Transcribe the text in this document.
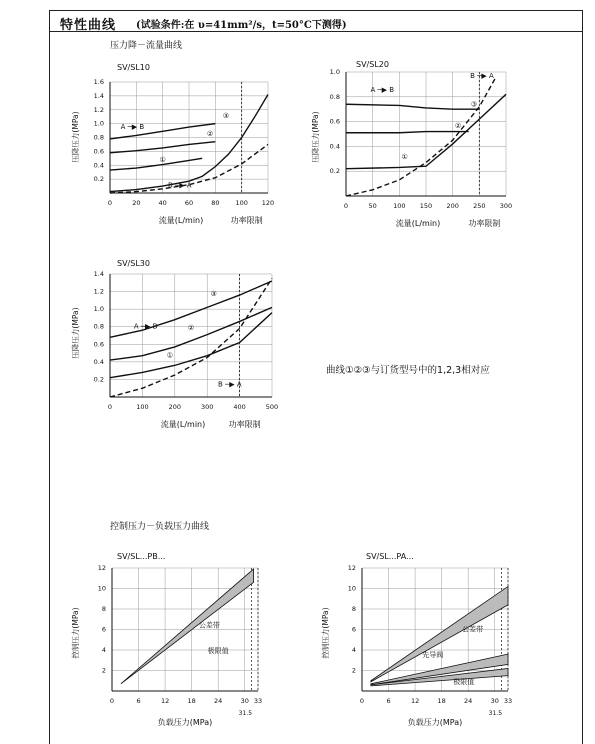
特性曲线 (试验条件:在 υ=41mm²/s，t=50°C下测得)
压力降－流量曲线
控制压力－负载压力曲线
曲线①②③与订货型号中的1,2,3相对应
0	20	40	60	80 100 120
0.2
0.4
0.6
0.8
1.0
1.2
1.4
1.6
SV/SL10
压降压力(MPa)
流量(L/min)	功率限制
①
②
③
A ─▶ B
B ─▶ A
0	50	100 150 200 250 300
0.2
0.4
0.6
0.8
1.0
SV/SL20
压降压力(MPa)
流量(L/min)	功率限制
①
②
③
A ─▶ B
B ─▶ A
0	100	200	300	400	500
0.2
0.4
0.6
0.8
1.0
1.2
1.4
SV/SL30
压降压力(MPa)
流量(L/min)	功率限制
①
②
③
A ─▶ B
B ─▶ A
0	6	12	18	24	30 33
2
4
6
8
10
12
SV/SL...PB...
控制压力(MPa)
负载压力(MPa)
31.5
公差带
极限值
0	6	12	18	24	30 33
2
4
6
8
10
12
SV/SL...PA...
控制压力(MPa)
负载压力(MPa)
31.5
公差带
先导阀
极限值
